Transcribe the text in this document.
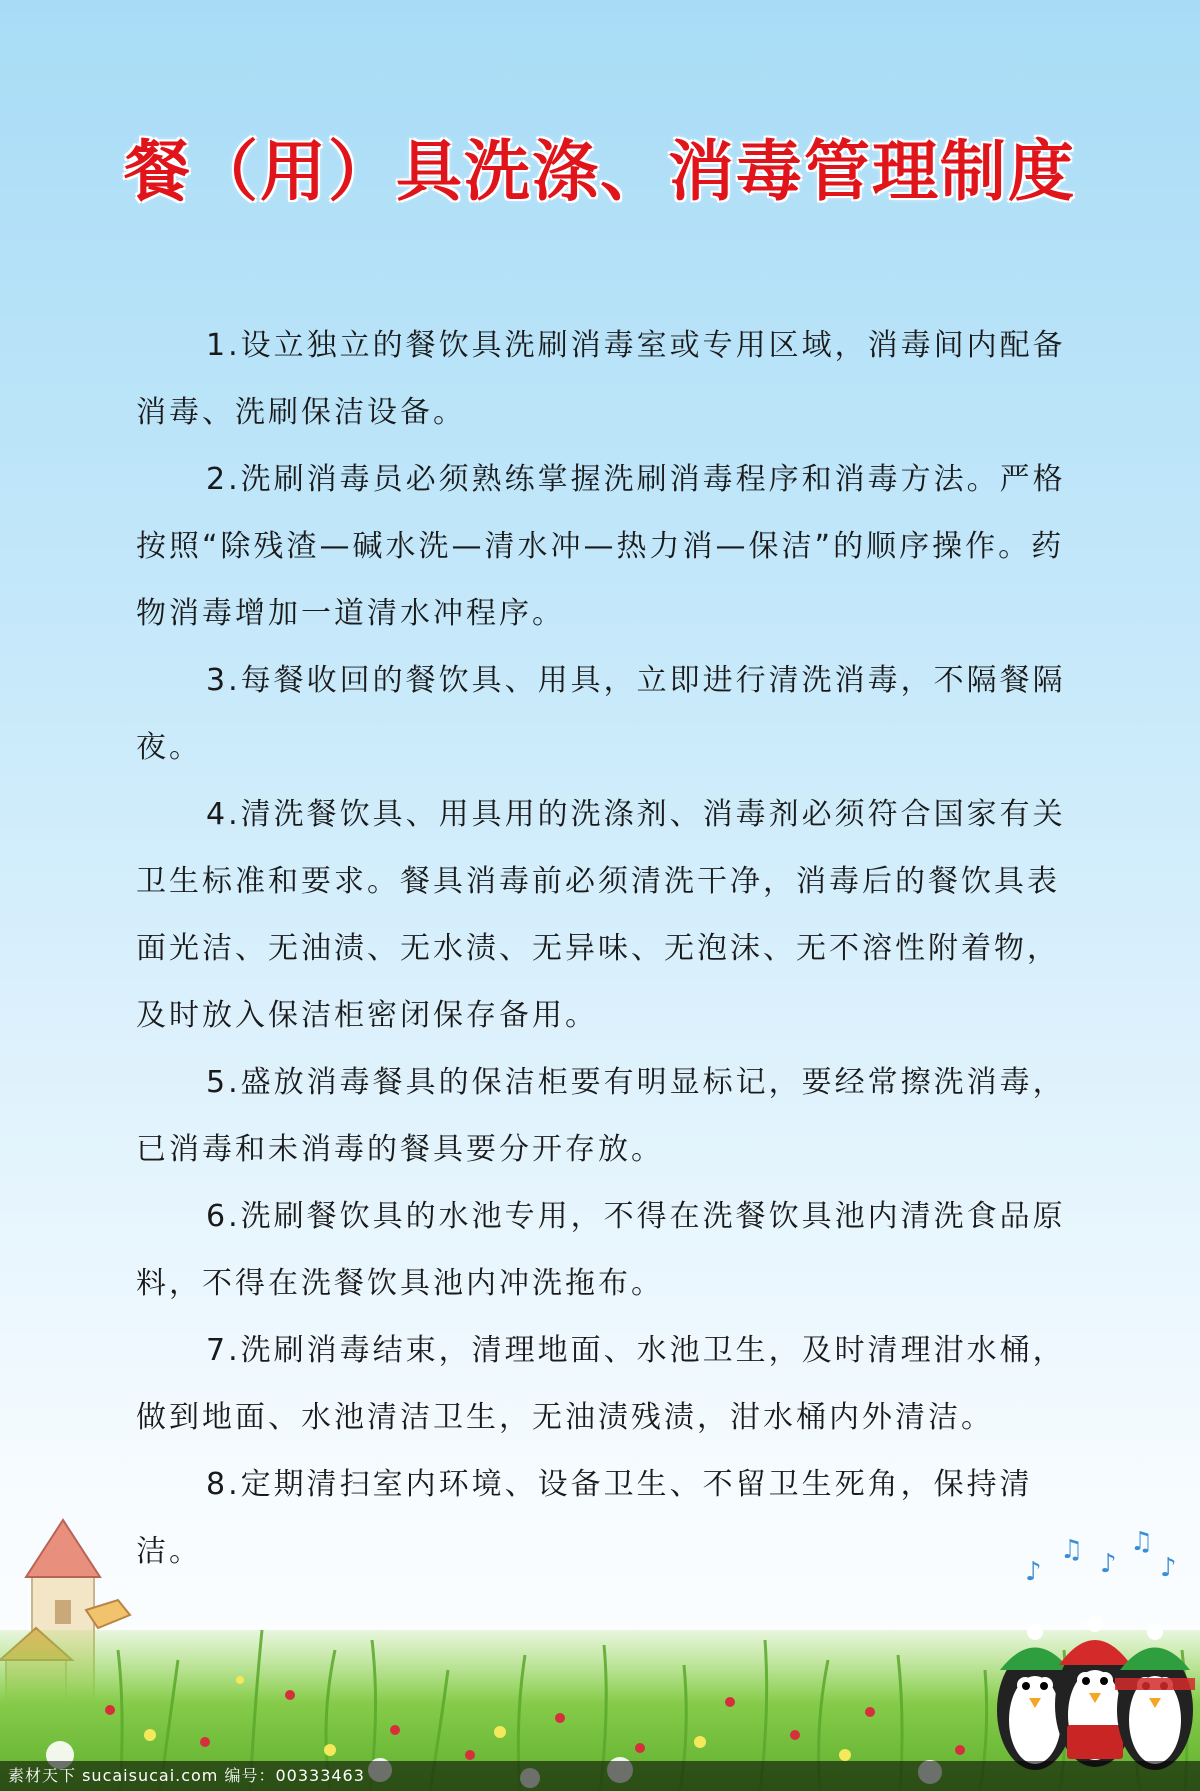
餐（用）具洗涤、消毒管理制度

1.设立独立的餐饮具洗刷消毒室或专用区域，消毒间内配备消毒、洗刷保洁设备。

2.洗刷消毒员必须熟练掌握洗刷消毒程序和消毒方法。严格按照“除残渣—碱水洗—清水冲—热力消—保洁”的顺序操作。药物消毒增加一道清水冲程序。

3.每餐收回的餐饮具、用具，立即进行清洗消毒，不隔餐隔夜。

4.清洗餐饮具、用具用的洗涤剂、消毒剂必须符合国家有关卫生标准和要求。餐具消毒前必须清洗干净，消毒后的餐饮具表面光洁、无油渍、无水渍、无异味、无泡沫、无不溶性附着物，及时放入保洁柜密闭保存备用。

5.盛放消毒餐具的保洁柜要有明显标记，要经常擦洗消毒，已消毒和未消毒的餐具要分开存放。

6.洗刷餐饮具的水池专用，不得在洗餐饮具池内清洗食品原料，不得在洗餐饮具池内冲洗拖布。

7.洗刷消毒结束，清理地面、水池卫生，及时清理泔水桶，做到地面、水池清洁卫生，无油渍残渍，泔水桶内外清洁。

8.定期清扫室内环境、设备卫生、不留卫生死角，保持清洁。

♪
♫ ♪
♫
♪
素材天下 sucaisucai.com 编号：00333463
